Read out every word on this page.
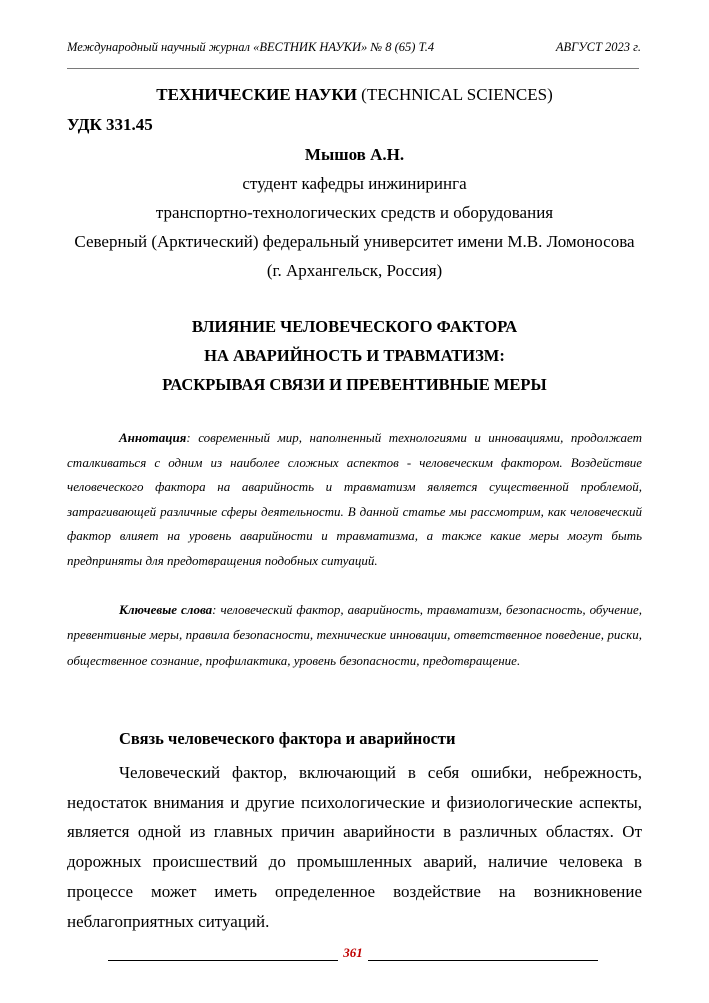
Международный научный журнал «ВЕСТНИК НАУКИ» № 8 (65) Т.4	АВГУСТ 2023 г.
ТЕХНИЧЕСКИЕ НАУКИ (TECHNICAL SCIENCES)
УДК 331.45
Мышов А.Н.
студент кафедры инжиниринга
транспортно-технологических средств и оборудования
Северный (Арктический) федеральный университет имени М.В. Ломоносова
(г. Архангельск, Россия)
ВЛИЯНИЕ ЧЕЛОВЕЧЕСКОГО ФАКТОРА
НА АВАРИЙНОСТЬ И ТРАВМАТИЗМ:
РАСКРЫВАЯ СВЯЗИ И ПРЕВЕНТИВНЫЕ МЕРЫ
Аннотация: современный мир, наполненный технологиями и инновациями, продолжает сталкиваться с одним из наиболее сложных аспектов - человеческим фактором. Воздействие человеческого фактора на аварийность и травматизм является существенной проблемой, затрагивающей различные сферы деятельности. В данной статье мы рассмотрим, как человеческий фактор влияет на уровень аварийности и травматизма, а также какие меры могут быть предприняты для предотвращения подобных ситуаций.
Ключевые слова: человеческий фактор, аварийность, травматизм, безопасность, обучение, превентивные меры, правила безопасности, технические инновации, ответственное поведение, риски, общественное сознание, профилактика, уровень безопасности, предотвращение.
Связь человеческого фактора и аварийности
Человеческий фактор, включающий в себя ошибки, небрежность, недостаток внимания и другие психологические и физиологические аспекты, является одной из главных причин аварийности в различных областях. От дорожных происшествий до промышленных аварий, наличие человека в процессе может иметь определенное воздействие на возникновение неблагоприятных ситуаций.
361
